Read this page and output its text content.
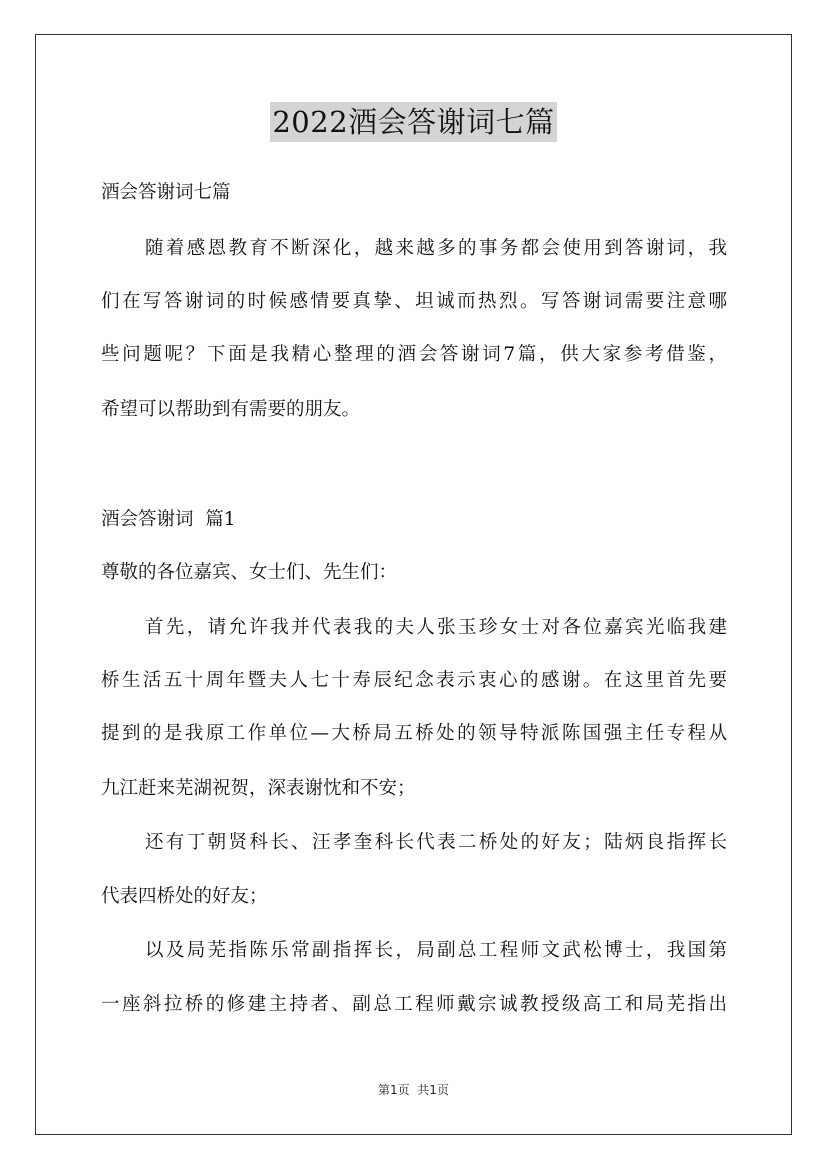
2022酒会答谢词七篇
酒会答谢词七篇
随着感恩教育不断深化，越来越多的事务都会使用到答谢词，我
们在写答谢词的时候感情要真挚、坦诚而热烈。写答谢词需要注意哪
些问题呢？下面是我精心整理的酒会答谢词7篇，供大家参考借鉴，
希望可以帮助到有需要的朋友。
酒会答谢词  篇1
尊敬的各位嘉宾、女士们、先生们：
首先，请允许我并代表我的夫人张玉珍女士对各位嘉宾光临我建
桥生活五十周年暨夫人七十寿辰纪念表示衷心的感谢。在这里首先要
提到的是我原工作单位—大桥局五桥处的领导特派陈国强主任专程从
九江赶来芜湖祝贺，深表谢忱和不安；
还有丁朝贤科长、汪孝奎科长代表二桥处的好友；陆炳良指挥长
代表四桥处的好友；
以及局芜指陈乐常副指挥长，局副总工程师文武松博士，我国第
一座斜拉桥的修建主持者、副总工程师戴宗诚教授级高工和局芜指出
第1页  共1页
